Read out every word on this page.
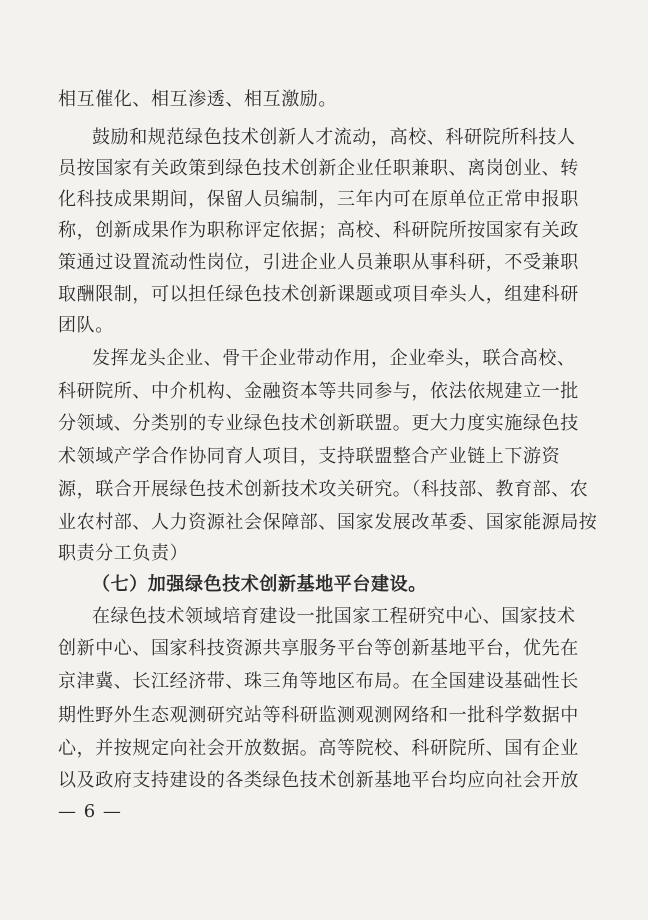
相互催化、相互渗透、相互激励。
鼓励和规范绿色技术创新人才流动，高校、科研院所科技人
员按国家有关政策到绿色技术创新企业任职兼职、离岗创业、转
化科技成果期间，保留人员编制，三年内可在原单位正常申报职
称，创新成果作为职称评定依据；高校、科研院所按国家有关政
策通过设置流动性岗位，引进企业人员兼职从事科研，不受兼职
取酬限制，可以担任绿色技术创新课题或项目牵头人，组建科研
团队。
发挥龙头企业、骨干企业带动作用，企业牵头，联合高校、
科研院所、中介机构、金融资本等共同参与，依法依规建立一批
分领域、分类别的专业绿色技术创新联盟。更大力度实施绿色技
术领域产学合作协同育人项目，支持联盟整合产业链上下游资
源，联合开展绿色技术创新技术攻关研究。（科技部、教育部、农
业农村部、人力资源社会保障部、国家发展改革委、国家能源局按
职责分工负责）
（七）加强绿色技术创新基地平台建设。
在绿色技术领域培育建设一批国家工程研究中心、国家技术
创新中心、国家科技资源共享服务平台等创新基地平台，优先在
京津冀、长江经济带、珠三角等地区布局。在全国建设基础性长
期性野外生态观测研究站等科研监测观测网络和一批科学数据中
心，并按规定向社会开放数据。高等院校、科研院所、国有企业
以及政府支持建设的各类绿色技术创新基地平台均应向社会开放
— 6 —
